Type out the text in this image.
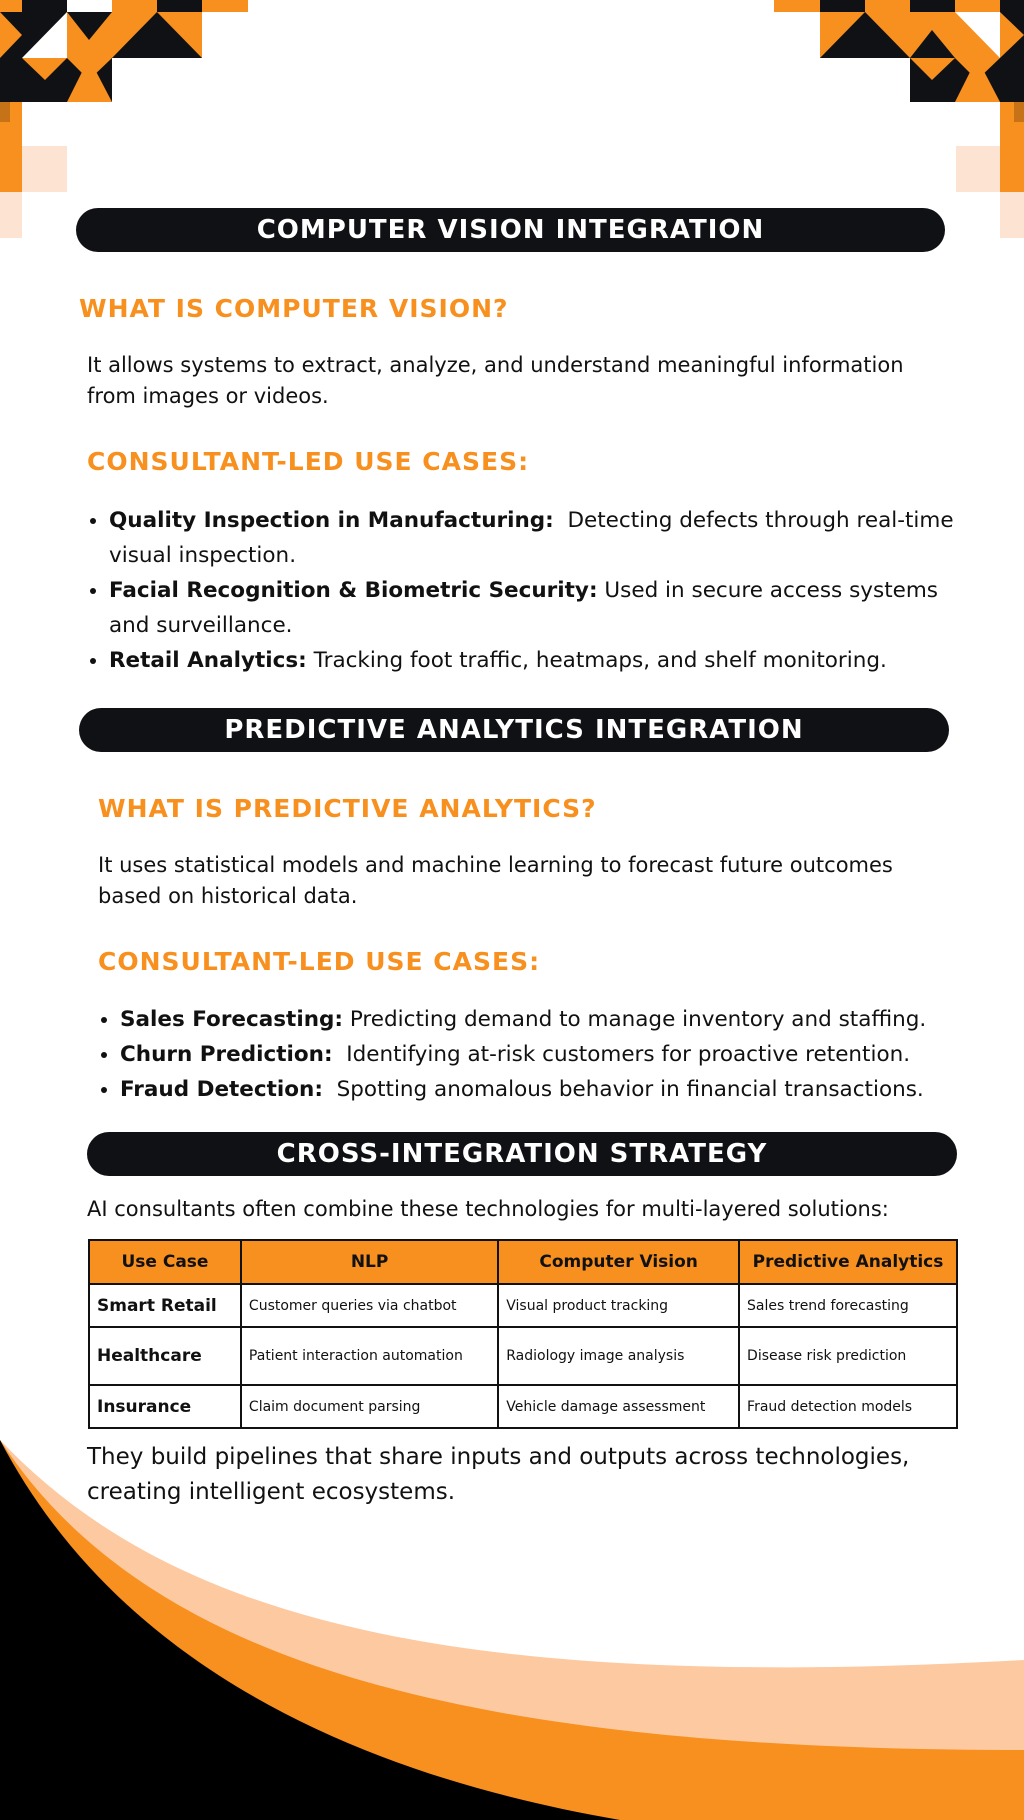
COMPUTER VISION INTEGRATION
WHAT IS COMPUTER VISION?

It allows systems to extract, analyze, and understand meaningful information from images or videos.

CONSULTANT-LED USE CASES:
• Quality Inspection in Manufacturing: Detecting defects through real-time visual inspection.
• Facial Recognition & Biometric Security: Used in secure access systems and surveillance.
• Retail Analytics: Tracking foot traffic, heatmaps, and shelf monitoring.
PREDICTIVE ANALYTICS INTEGRATION
WHAT IS PREDICTIVE ANALYTICS?

It uses statistical models and machine learning to forecast future outcomes based on historical data.

CONSULTANT-LED USE CASES:
• Sales Forecasting: Predicting demand to manage inventory and staffing.
• Churn Prediction: Identifying at-risk customers for proactive retention.
• Fraud Detection: Spotting anomalous behavior in financial transactions.
CROSS-INTEGRATION STRATEGY

AI consultants often combine these technologies for multi-layered solutions:

Use Case	NLP	Computer Vision	Predictive Analytics
Smart Retail	Customer queries via chatbot	Visual product tracking	Sales trend forecasting
Healthcare	Patient interaction automation	Radiology image analysis	Disease risk prediction
Insurance	Claim document parsing	Vehicle damage assessment	Fraud detection models

They build pipelines that share inputs and outputs across technologies, creating intelligent ecosystems.
